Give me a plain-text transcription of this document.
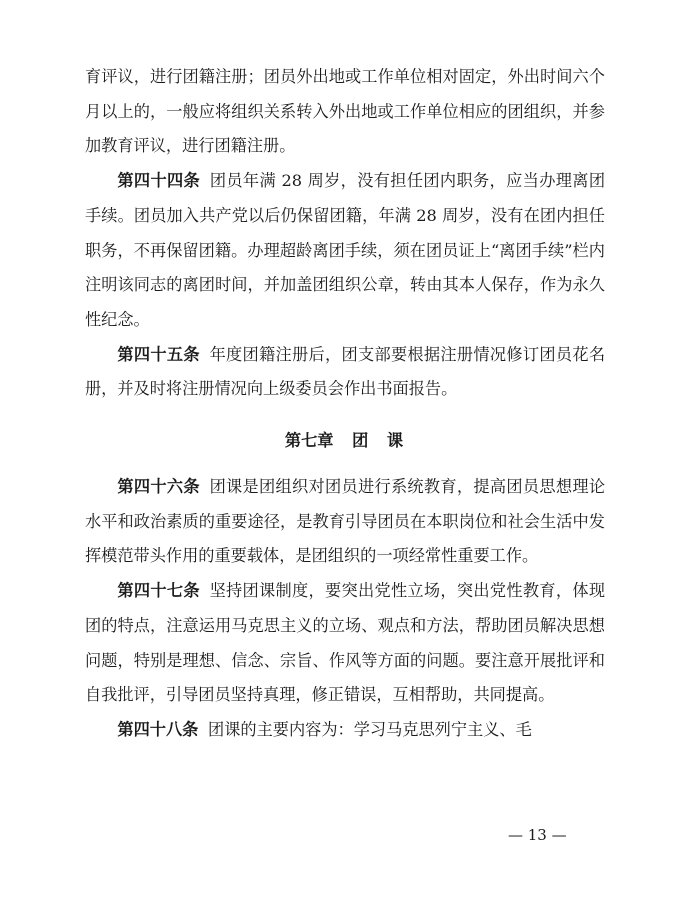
育评议，进行团籍注册；团员外出地或工作单位相对固定，外出时间六个月以上的，一般应将组织关系转入外出地或工作单位相应的团组织，并参加教育评议，进行团籍注册。

第四十四条 团员年满 28 周岁，没有担任团内职务，应当办理离团手续。团员加入共产党以后仍保留团籍，年满 28 周岁，没有在团内担任职务，不再保留团籍。办理超龄离团手续，须在团员证上“离团手续”栏内注明该同志的离团时间，并加盖团组织公章，转由其本人保存，作为永久性纪念。

第四十五条 年度团籍注册后，团支部要根据注册情况修订团员花名册，并及时将注册情况向上级委员会作出书面报告。

第七章 团 课

第四十六条 团课是团组织对团员进行系统教育，提高团员思想理论水平和政治素质的重要途径，是教育引导团员在本职岗位和社会生活中发挥模范带头作用的重要载体，是团组织的一项经常性重要工作。

第四十七条 坚持团课制度，要突出党性立场，突出党性教育，体现团的特点，注意运用马克思主义的立场、观点和方法，帮助团员解决思想问题，特别是理想、信念、宗旨、作风等方面的问题。要注意开展批评和自我批评，引导团员坚持真理，修正错误，互相帮助，共同提高。

第四十八条 团课的主要内容为：学习马克思列宁主义、毛

— 13 —
